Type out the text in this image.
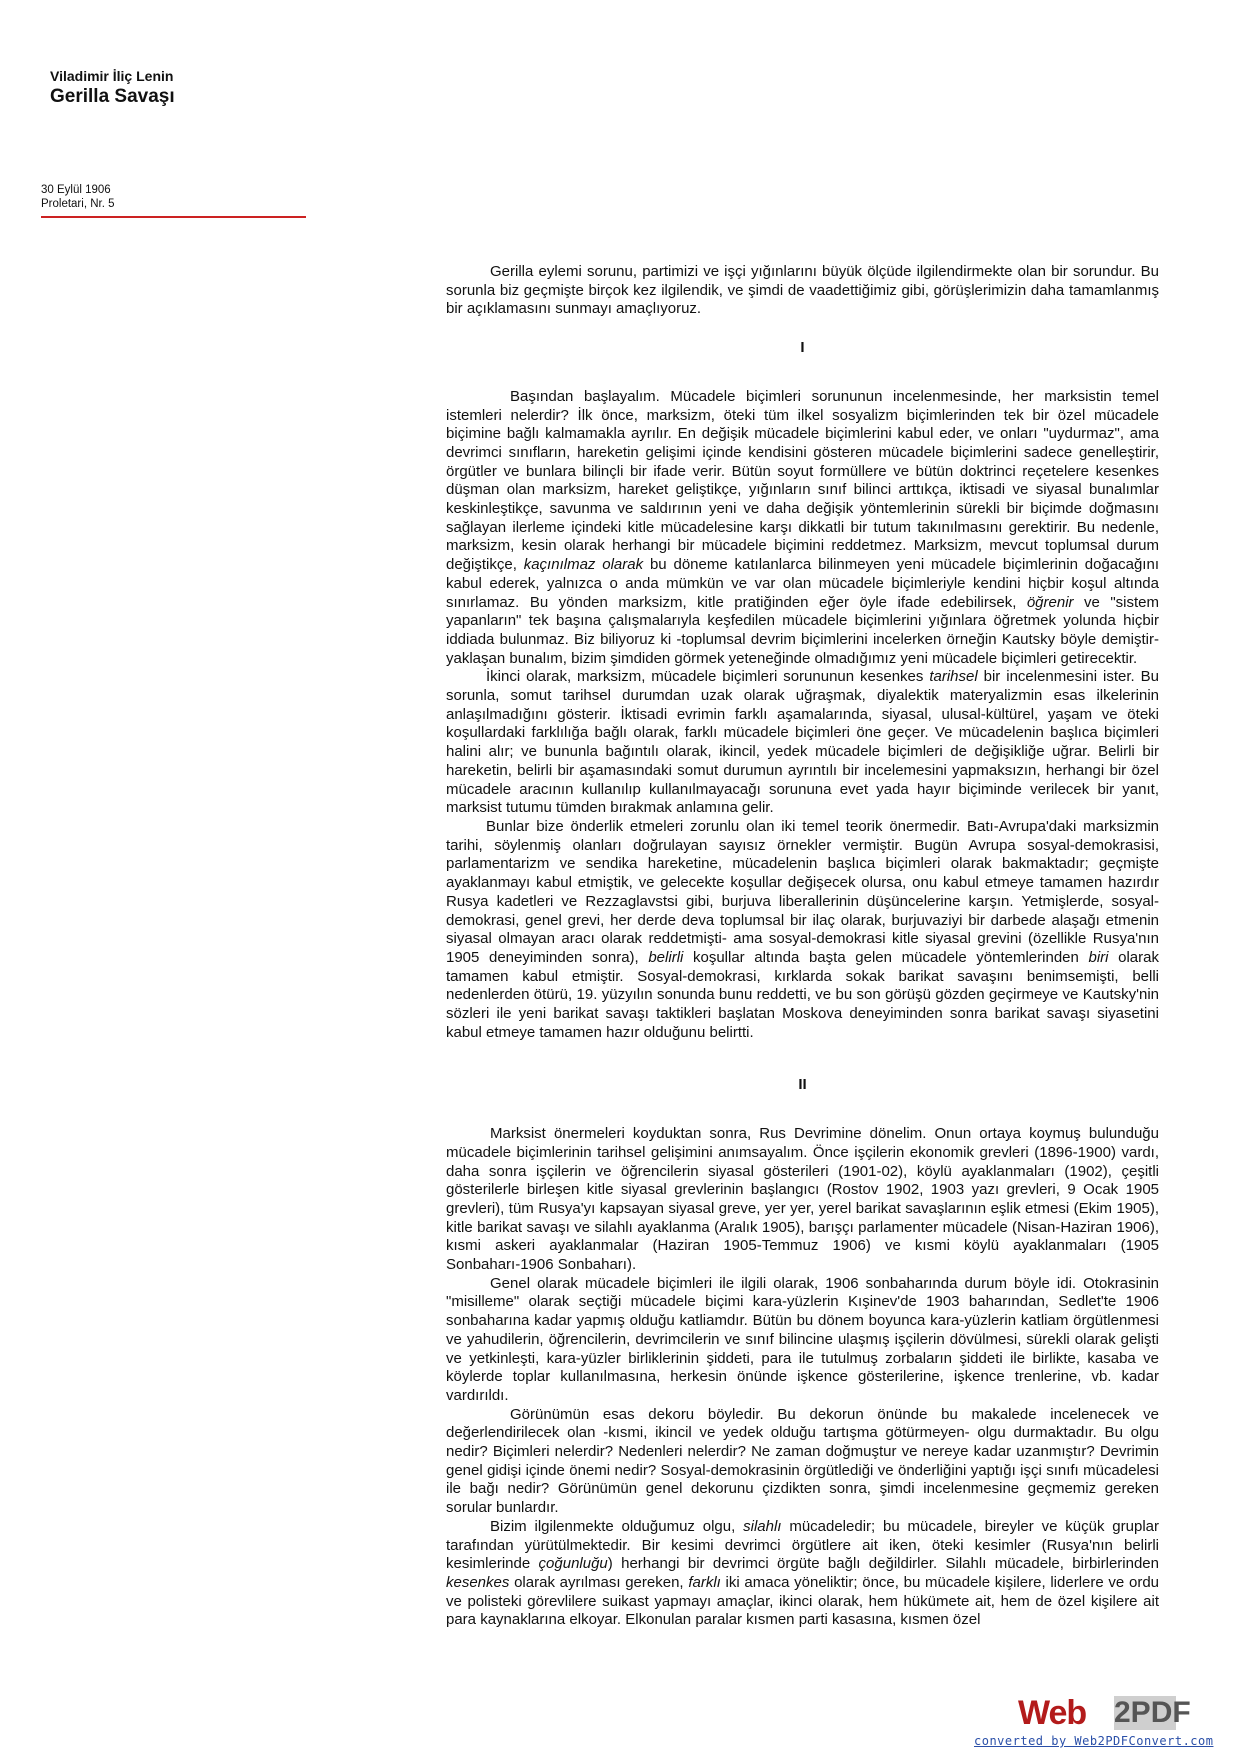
Viladimir İliç Lenin
Gerilla Savaşı
30 Eylül 1906
Proletari, Nr. 5

Gerilla eylemi sorunu, partimizi ve işçi yığınlarını büyük ölçüde ilgilendirmekte olan bir sorundur. Bu sorunla biz geçmişte birçok kez ilgilendik, ve şimdi de vaadettiğimiz gibi, görüşlerimizin daha tamamlanmış bir açıklamasını sunmayı amaçlıyoruz.

I

Başından başlayalım. Mücadele biçimleri sorununun incelenmesinde, her marksistin temel istemleri nelerdir? İlk önce, marksizm, öteki tüm ilkel sosyalizm biçimlerinden tek bir özel mücadele biçimine bağlı kalmamakla ayrılır. En değişik mücadele biçimlerini kabul eder, ve onları "uydurmaz", ama devrimci sınıfların, hareketin gelişimi içinde kendisini gösteren mücadele biçimlerini sadece genelleştirir, örgütler ve bunlara bilinçli bir ifade verir. Bütün soyut formüllere ve bütün doktrinci reçetelere kesenkes düşman olan marksizm, hareket geliştikçe, yığınların sınıf bilinci arttıkça, iktisadi ve siyasal bunalımlar keskinleştikçe, savunma ve saldırının yeni ve daha değişik yöntemlerinin sürekli bir biçimde doğmasını sağlayan ilerleme içindeki kitle mücadelesine karşı dikkatli bir tutum takınılmasını gerektirir. Bu nedenle, marksizm, kesin olarak herhangi bir mücadele biçimini reddetmez. Marksizm, mevcut toplumsal durum değiştikçe, kaçınılmaz olarak bu döneme katılanlarca bilinmeyen yeni mücadele biçimlerinin doğacağını kabul ederek, yalnızca o anda mümkün ve var olan mücadele biçimleriyle kendini hiçbir koşul altında sınırlamaz. Bu yönden marksizm, kitle pratiğinden eğer öyle ifade edebilirsek, öğrenir ve "sistem yapanların" tek başına çalışmalarıyla keşfedilen mücadele biçimlerini yığınlara öğretmek yolunda hiçbir iddiada bulunmaz. Biz biliyoruz ki -toplumsal devrim biçimlerini incelerken örneğin Kautsky böyle demiştir- yaklaşan bunalım, bizim şimdiden görmek yeteneğinde olmadığımız yeni mücadele biçimleri getirecektir.

İkinci olarak, marksizm, mücadele biçimleri sorununun kesenkes tarihsel bir incelenmesini ister. Bu sorunla, somut tarihsel durumdan uzak olarak uğraşmak, diyalektik materyalizmin esas ilkelerinin anlaşılmadığını gösterir. İktisadi evrimin farklı aşamalarında, siyasal, ulusal-kültürel, yaşam ve öteki koşullardaki farklılığa bağlı olarak, farklı mücadele biçimleri öne geçer. Ve mücadelenin başlıca biçimleri halini alır; ve bununla bağıntılı olarak, ikincil, yedek mücadele biçimleri de değişikliğe uğrar. Belirli bir hareketin, belirli bir aşamasındaki somut durumun ayrıntılı bir incelemesini yapmaksızın, herhangi bir özel mücadele aracının kullanılıp kullanılmayacağı sorununa evet yada hayır biçiminde verilecek bir yanıt, marksist tutumu tümden bırakmak anlamına gelir.

Bunlar bize önderlik etmeleri zorunlu olan iki temel teorik önermedir. Batı-Avrupa'daki marksizmin tarihi, söylenmiş olanları doğrulayan sayısız örnekler vermiştir. Bugün Avrupa sosyal-demokrasisi, parlamentarizm ve sendika hareketine, mücadelenin başlıca biçimleri olarak bakmaktadır; geçmişte ayaklanmayı kabul etmiştik, ve gelecekte koşullar değişecek olursa, onu kabul etmeye tamamen hazırdır Rusya kadetleri ve Rezzaglavstsi gibi, burjuva liberallerinin düşüncelerine karşın. Yetmişlerde, sosyal-demokrasi, genel grevi, her derde deva toplumsal bir ilaç olarak, burjuvaziyi bir darbede alaşağı etmenin siyasal olmayan aracı olarak reddetmişti- ama sosyal-demokrasi kitle siyasal grevini (özellikle Rusya'nın 1905 deneyiminden sonra), belirli koşullar altında başta gelen mücadele yöntemlerinden biri olarak tamamen kabul etmiştir. Sosyal-demokrasi, kırklarda sokak barikat savaşını benimsemişti, belli nedenlerden ötürü, 19. yüzyılın sonunda bunu reddetti, ve bu son görüşü gözden geçirmeye ve Kautsky'nin sözleri ile yeni barikat savaşı taktikleri başlatan Moskova deneyiminden sonra barikat savaşı siyasetini kabul etmeye tamamen hazır olduğunu belirtti.

II

Marksist önermeleri koyduktan sonra, Rus Devrimine dönelim. Onun ortaya koymuş bulunduğu mücadele biçimlerinin tarihsel gelişimini anımsayalım. Önce işçilerin ekonomik grevleri (1896-1900) vardı, daha sonra işçilerin ve öğrencilerin siyasal gösterileri (1901-02), köylü ayaklanmaları (1902), çeşitli gösterilerle birleşen kitle siyasal grevlerinin başlangıcı (Rostov 1902, 1903 yazı grevleri, 9 Ocak 1905 grevleri), tüm Rusya'yı kapsayan siyasal greve, yer yer, yerel barikat savaşlarının eşlik etmesi (Ekim 1905), kitle barikat savaşı ve silahlı ayaklanma (Aralık 1905), barışçı parlamenter mücadele (Nisan-Haziran 1906), kısmi askeri ayaklanmalar (Haziran 1905-Temmuz 1906) ve kısmi köylü ayaklanmaları (1905 Sonbaharı-1906 Sonbaharı).

Genel olarak mücadele biçimleri ile ilgili olarak, 1906 sonbaharında durum böyle idi. Otokrasinin "misilleme" olarak seçtiği mücadele biçimi kara-yüzlerin Kışinev'de 1903 baharından, Sedlet'te 1906 sonbaharına kadar yapmış olduğu katliamdır. Bütün bu dönem boyunca kara-yüzlerin katliam örgütlenmesi ve yahudilerin, öğrencilerin, devrimcilerin ve sınıf bilincine ulaşmış işçilerin dövülmesi, sürekli olarak gelişti ve yetkinleşti, kara-yüzler birliklerinin şiddeti, para ile tutulmuş zorbaların şiddeti ile birlikte, kasaba ve köylerde toplar kullanılmasına, herkesin önünde işkence gösterilerine, işkence trenlerine, vb. kadar vardırıldı.

Görünümün esas dekoru böyledir. Bu dekorun önünde bu makalede incelenecek ve değerlendirilecek olan -kısmi, ikincil ve yedek olduğu tartışma götürmeyen- olgu durmaktadır. Bu olgu nedir? Biçimleri nelerdir? Nedenleri nelerdir? Ne zaman doğmuştur ve nereye kadar uzanmıştır? Devrimin genel gidişi içinde önemi nedir? Sosyal-demokrasinin örgütlediği ve önderliğini yaptığı işçi sınıfı mücadelesi ile bağı nedir? Görünümün genel dekorunu çizdikten sonra, şimdi incelenmesine geçmemiz gereken sorular bunlardır.

Bizim ilgilenmekte olduğumuz olgu, silahlı mücadeledir; bu mücadele, bireyler ve küçük gruplar tarafından yürütülmektedir. Bir kesimi devrimci örgütlere ait iken, öteki kesimler (Rusya'nın belirli kesimlerinde çoğunluğu) herhangi bir devrimci örgüte bağlı değildirler. Silahlı mücadele, birbirlerinden kesenkes olarak ayrılması gereken, farklı iki amaca yöneliktir; önce, bu mücadele kişilere, liderlere ve ordu ve polisteki görevlilere suikast yapmayı amaçlar, ikinci olarak, hem hükümete ait, hem de özel kişilere ait para kaynaklarına elkoyar. Elkonulan paralar kısmen parti kasasına, kısmen özel

Web 2PDF
converted by Web2PDFConvert.com
